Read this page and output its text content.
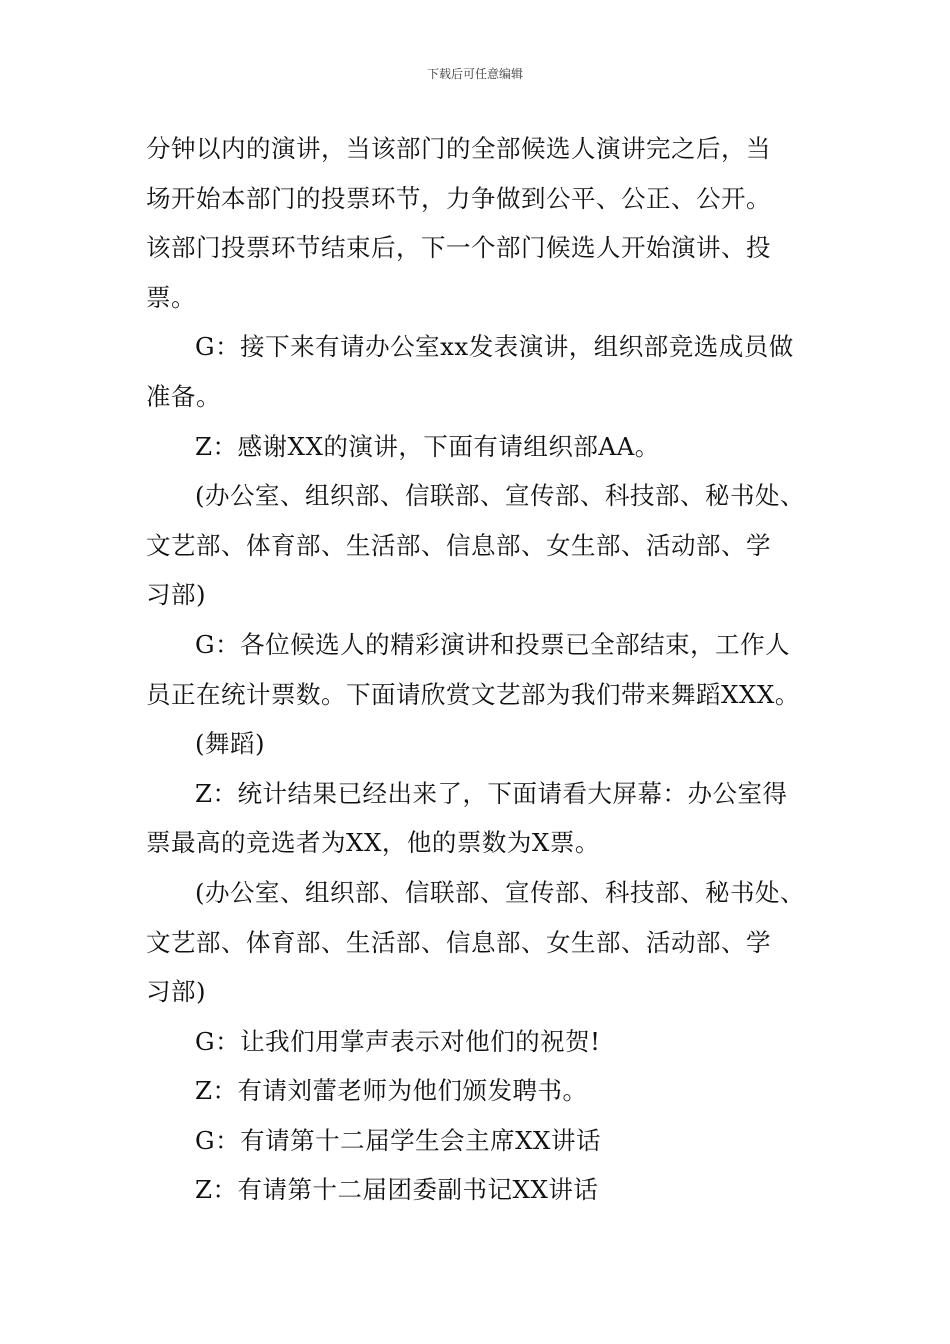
下载后可任意编辑

分钟以内的演讲，当该部门的全部候选人演讲完之后，当
场开始本部门的投票环节，力争做到公平、公正、公开。
该部门投票环节结束后，下一个部门候选人开始演讲、投
票。

G：接下来有请办公室xx发表演讲，组织部竞选成员做
准备。

Z：感谢XX的演讲，下面有请组织部AA。

(办公室、组织部、信联部、宣传部、科技部、秘书处、
文艺部、体育部、生活部、信息部、女生部、活动部、学
习部)

G：各位候选人的精彩演讲和投票已全部结束，工作人
员正在统计票数。下面请欣赏文艺部为我们带来舞蹈XXX。

(舞蹈)

Z：统计结果已经出来了，下面请看大屏幕：办公室得
票最高的竞选者为XX，他的票数为X票。

(办公室、组织部、信联部、宣传部、科技部、秘书处、
文艺部、体育部、生活部、信息部、女生部、活动部、学
习部)

G：让我们用掌声表示对他们的祝贺!

Z：有请刘蕾老师为他们颁发聘书。

G：有请第十二届学生会主席XX讲话

Z：有请第十二届团委副书记XX讲话
